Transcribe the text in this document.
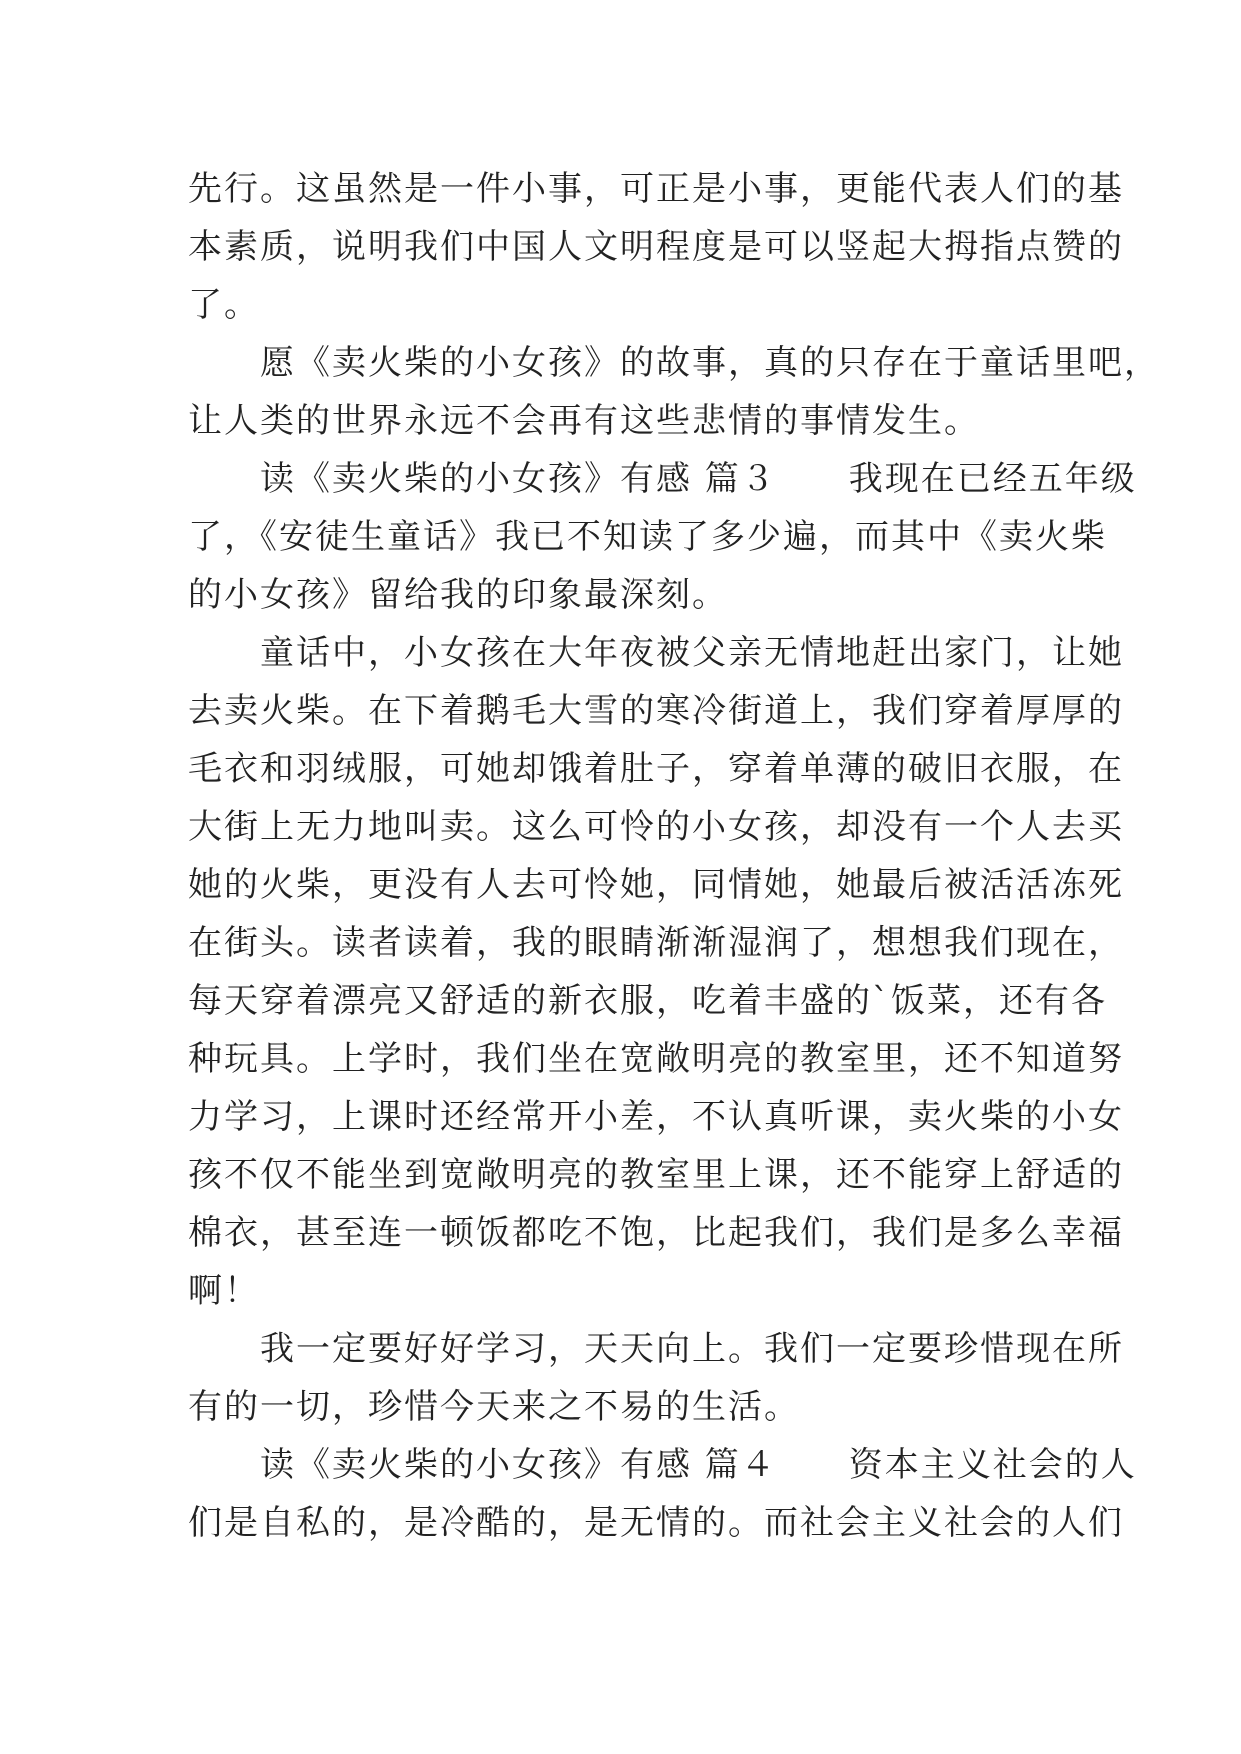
先行。这虽然是一件小事，可正是小事，更能代表人们的基
本素质，说明我们中国人文明程度是可以竖起大拇指点赞的
了。
　　愿《卖火柴的小女孩》的故事，真的只存在于童话里吧，
让人类的世界永远不会再有这些悲情的事情发生。
　　读《卖火柴的小女孩》有感 篇３　　我现在已经五年级
了，《安徒生童话》我已不知读了多少遍，而其中《卖火柴
的小女孩》留给我的印象最深刻。
　　童话中，小女孩在大年夜被父亲无情地赶出家门，让她
去卖火柴。在下着鹅毛大雪的寒冷街道上，我们穿着厚厚的
毛衣和羽绒服，可她却饿着肚子，穿着单薄的破旧衣服，在
大街上无力地叫卖。这么可怜的小女孩，却没有一个人去买
她的火柴，更没有人去可怜她，同情她，她最后被活活冻死
在街头。读者读着，我的眼睛渐渐湿润了，想想我们现在，
每天穿着漂亮又舒适的新衣服，吃着丰盛的`饭菜，还有各
种玩具。上学时，我们坐在宽敞明亮的教室里，还不知道努
力学习，上课时还经常开小差，不认真听课，卖火柴的小女
孩不仅不能坐到宽敞明亮的教室里上课，还不能穿上舒适的
棉衣，甚至连一顿饭都吃不饱，比起我们，我们是多么幸福
啊！
　　我一定要好好学习，天天向上。我们一定要珍惜现在所
有的一切，珍惜今天来之不易的生活。
　　读《卖火柴的小女孩》有感 篇４　　资本主义社会的人
们是自私的，是冷酷的，是无情的。而社会主义社会的人们
